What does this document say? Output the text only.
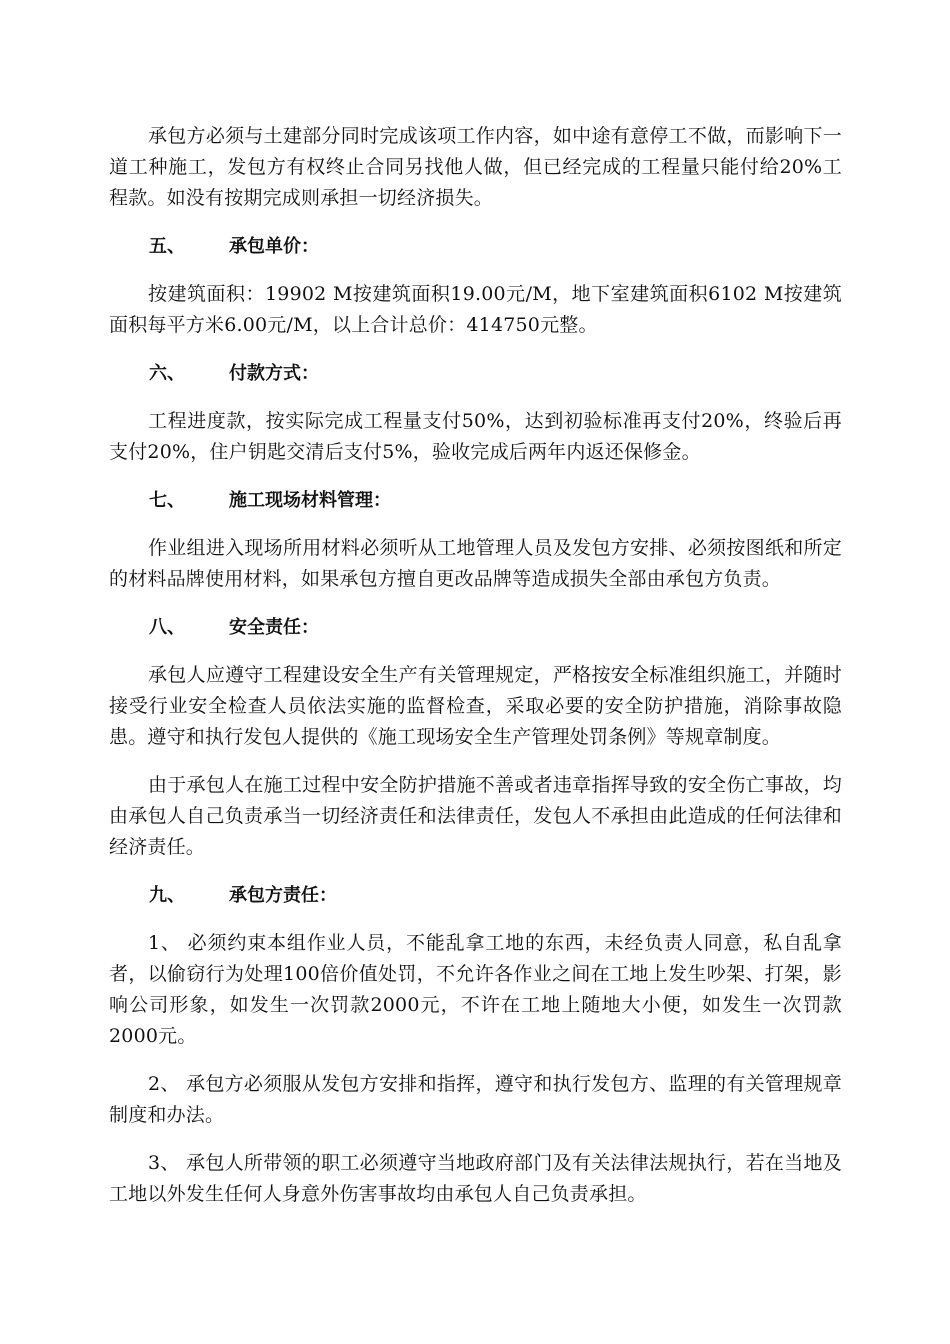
承包方必须与土建部分同时完成该项工作内容，如中途有意停工不做，而影响下一道工种施工，发包方有权终止合同另找他人做，但已经完成的工程量只能付给20%工程款。如没有按期完成则承担一切经济损失。

五、	承包单价：

按建筑面积：19902 M按建筑面积19.00元/M，地下室建筑面积6102 M按建筑面积每平方米6.00元/M，以上合计总价：414750元整。

六、	付款方式：

工程进度款，按实际完成工程量支付50%，达到初验标准再支付20%，终验后再支付20%，住户钥匙交清后支付5%，验收完成后两年内返还保修金。

七、	施工现场材料管理：

作业组进入现场所用材料必须听从工地管理人员及发包方安排、必须按图纸和所定的材料品牌使用材料，如果承包方擅自更改品牌等造成损失全部由承包方负责。

八、	安全责任：

承包人应遵守工程建设安全生产有关管理规定，严格按安全标准组织施工，并随时接受行业安全检查人员依法实施的监督检查，采取必要的安全防护措施，消除事故隐患。遵守和执行发包人提供的《施工现场安全生产管理处罚条例》等规章制度。

由于承包人在施工过程中安全防护措施不善或者违章指挥导致的安全伤亡事故，均由承包人自己负责承当一切经济责任和法律责任，发包人不承担由此造成的任何法律和经济责任。

九、	承包方责任：

1、 必须约束本组作业人员，不能乱拿工地的东西，未经负责人同意，私自乱拿者，以偷窃行为处理100倍价值处罚，不允许各作业之间在工地上发生吵架、打架，影响公司形象，如发生一次罚款2000元，不许在工地上随地大小便，如发生一次罚款2000元。

2、 承包方必须服从发包方安排和指挥，遵守和执行发包方、监理的有关管理规章制度和办法。

3、 承包人所带领的职工必须遵守当地政府部门及有关法律法规执行，若在当地及工地以外发生任何人身意外伤害事故均由承包人自己负责承担。
